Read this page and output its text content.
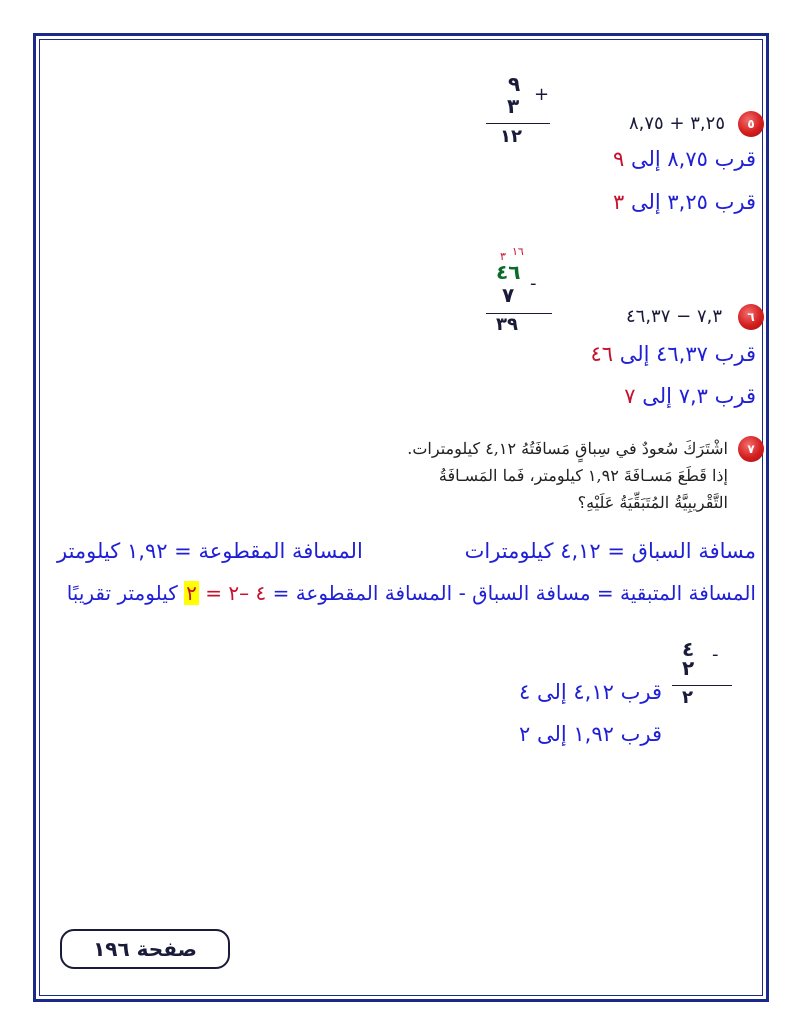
٥
٣,٢٥ + ٨,٧٥
٩ +
٣
١٢
قرب ٨,٧٥ إلى ٩
قرب ٣,٢٥ إلى ٣
٦
٧,٣ − ٤٦,٣٧
٣ ١٦
٤٦ -
٧
٣٩
قرب ٤٦,٣٧ إلى ٤٦
قرب ٧,٣ إلى ٧
٧
اشْتَرَكَ سُعودٌ في سِباقٍ مَسافَتُهُ ٤,١٢ كيلومترات.
إذا قَطَعَ مَسـافَةَ ١,٩٢ كيلومتر، فَما المَسـافَةُ
التَّقْريبِيَّةُ المُتَبَقِّيَةُ عَلَيْهِ؟
مسافة السباق = ٤,١٢ كيلومترات
المسافة المقطوعة = ١,٩٢ كيلومتر
المسافة المتبقية = مسافة السباق - المسافة المقطوعة = ٤ –٢ = ٢ كيلومتر تقريبًا
٤ -
٢
٢
قرب ٤,١٢ إلى ٤
قرب ١,٩٢ إلى ٢
صفحة ١٩٦
